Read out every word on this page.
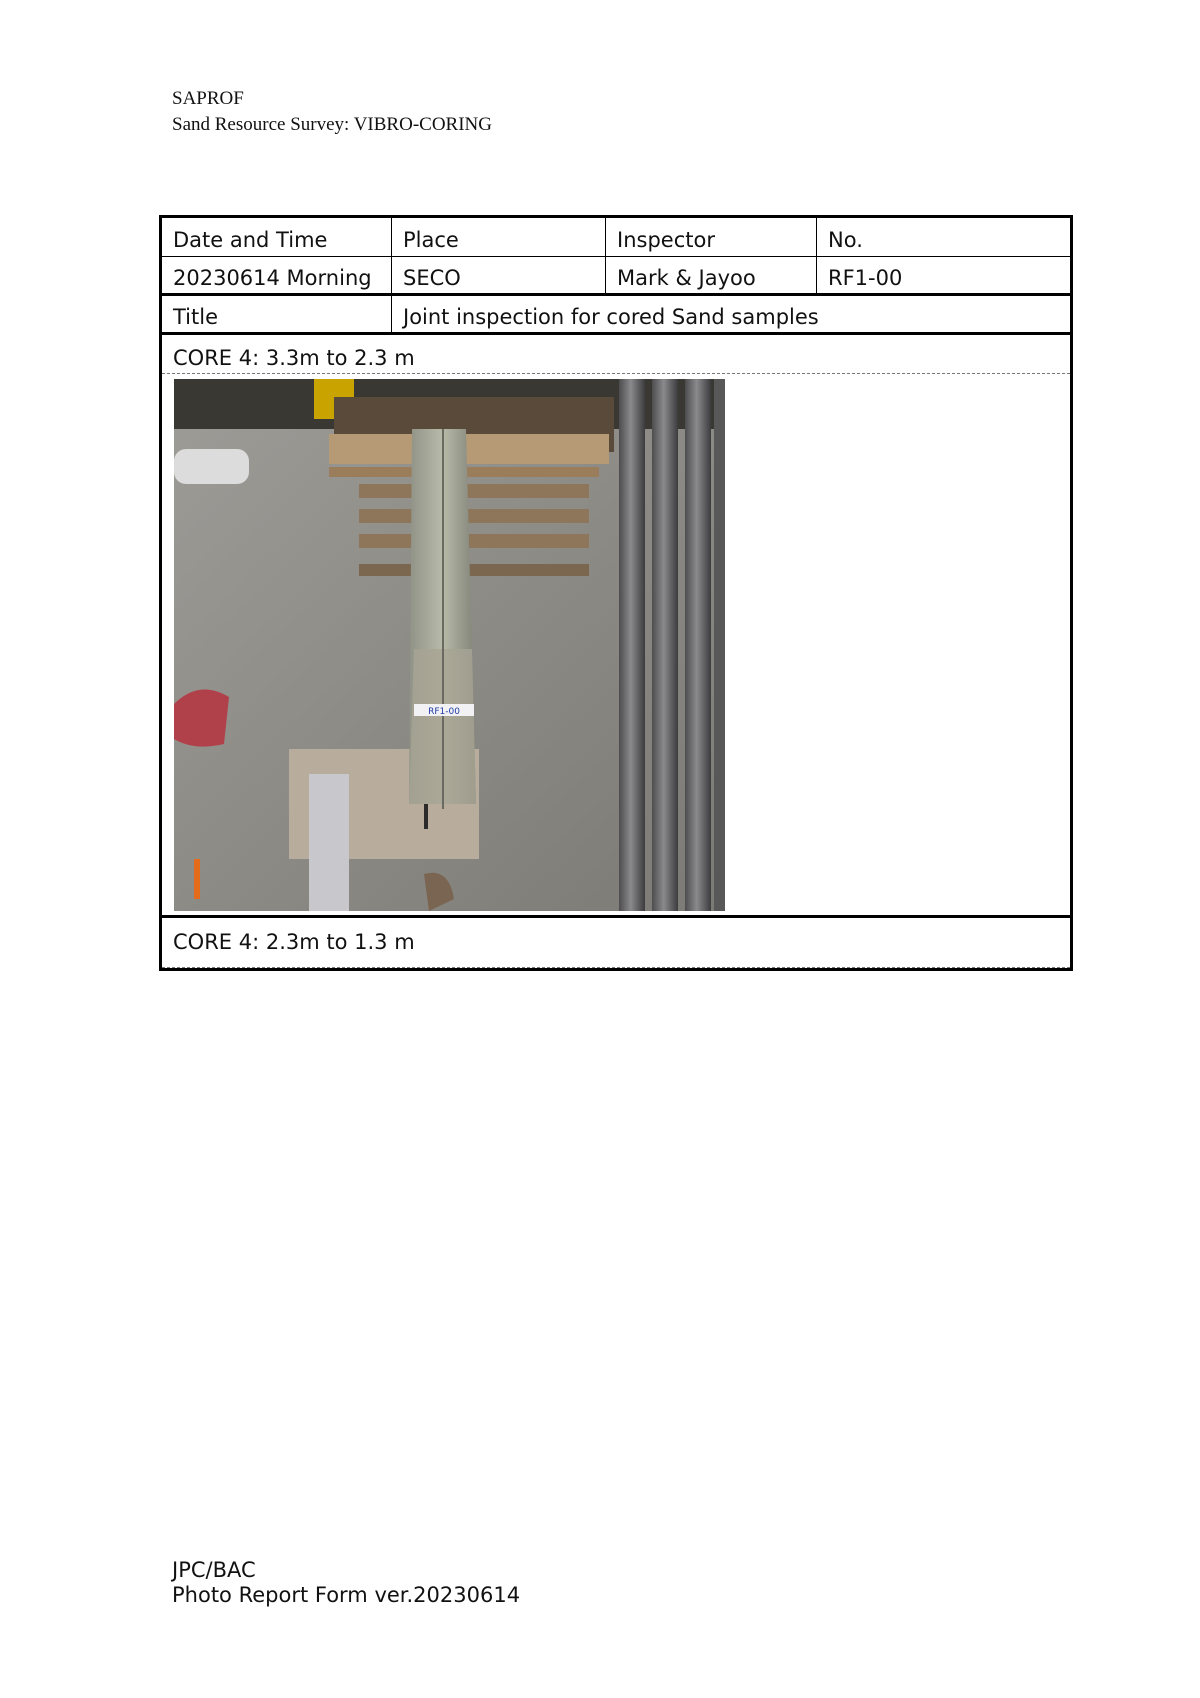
SAPROF
Sand Resource Survey: VIBRO-CORING
Date and Time	Place	Inspector	No.
20230614 Morning	SECO	Mark & Jayoo	RF1-00
Title	Joint inspection for cored Sand samples
CORE 4: 3.3m to 2.3 m
RF1-00
CORE 4: 2.3m to 1.3 m
JPC/BAC
Photo Report Form ver.20230614
